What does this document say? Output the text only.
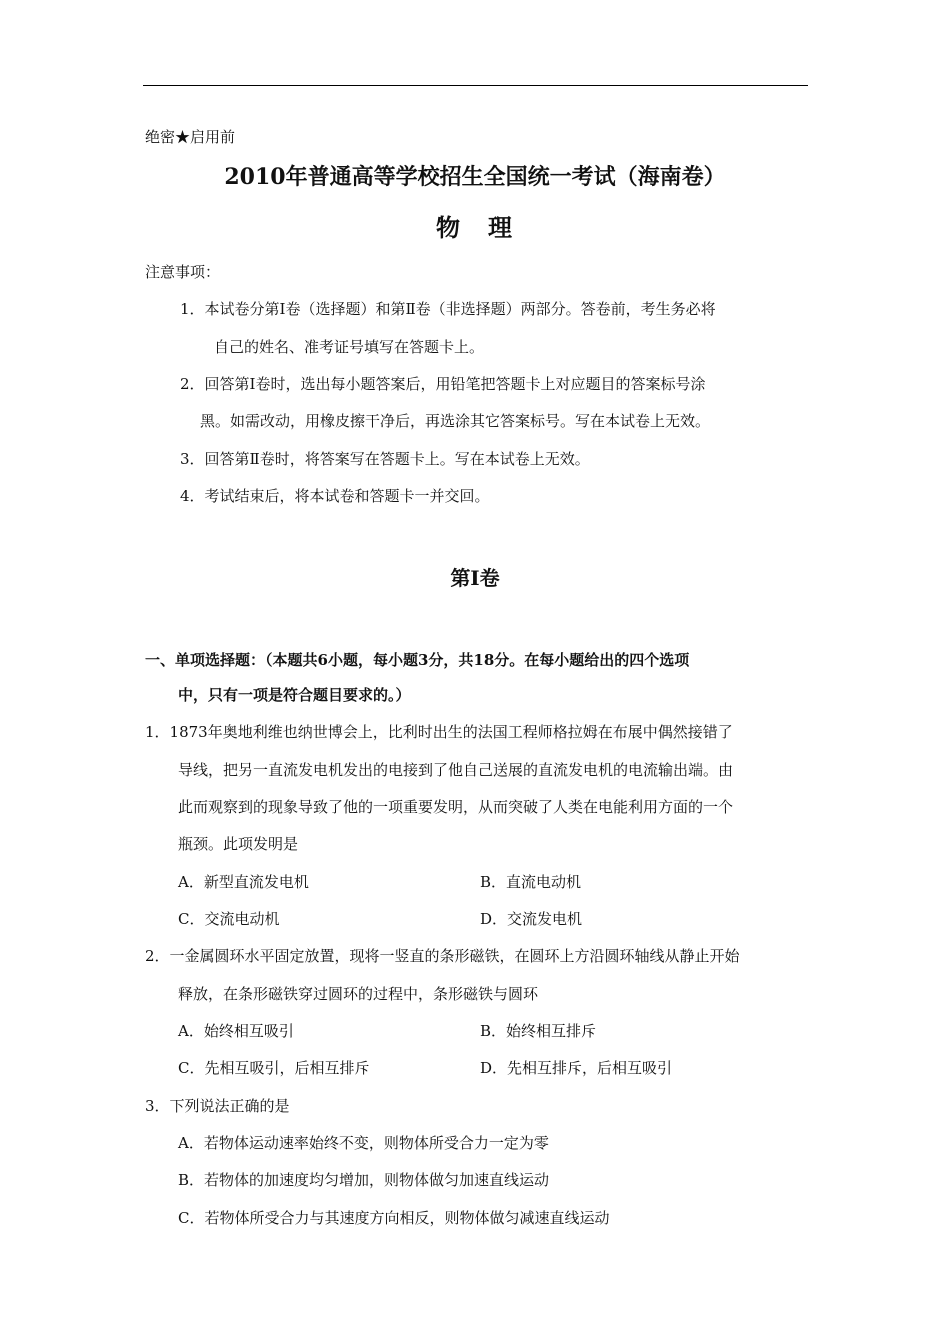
绝密★启用前
2010年普通高等学校招生全国统一考试（海南卷）
物　理
注意事项：
1．本试卷分第Ⅰ卷（选择题）和第Ⅱ卷（非选择题）两部分。答卷前，考生务必将
自己的姓名、准考证号填写在答题卡上。
2．回答第Ⅰ卷时，选出每小题答案后，用铅笔把答题卡上对应题目的答案标号涂
黑。如需改动，用橡皮擦干净后，再选涂其它答案标号。写在本试卷上无效。
3．回答第Ⅱ卷时，将答案写在答题卡上。写在本试卷上无效。
4．考试结束后，将本试卷和答题卡一并交回。
第Ⅰ卷
一、单项选择题：（本题共6小题，每小题3分，共18分。在每小题给出的四个选项
中，只有一项是符合题目要求的。）
1．1873年奥地利维也纳世博会上，比利时出生的法国工程师格拉姆在布展中偶然接错了
导线，把另一直流发电机发出的电接到了他自己送展的直流发电机的电流输出端。由
此而观察到的现象导致了他的一项重要发明，从而突破了人类在电能利用方面的一个
瓶颈。此项发明是
A．新型直流发电机	B．直流电动机
C．交流电动机	D．交流发电机
2．一金属圆环水平固定放置，现将一竖直的条形磁铁，在圆环上方沿圆环轴线从静止开始
释放，在条形磁铁穿过圆环的过程中，条形磁铁与圆环
A．始终相互吸引	B．始终相互排斥
C．先相互吸引，后相互排斥	D．先相互排斥，后相互吸引
3．下列说法正确的是
A．若物体运动速率始终不变，则物体所受合力一定为零
B．若物体的加速度均匀增加，则物体做匀加速直线运动
C．若物体所受合力与其速度方向相反，则物体做匀减速直线运动
